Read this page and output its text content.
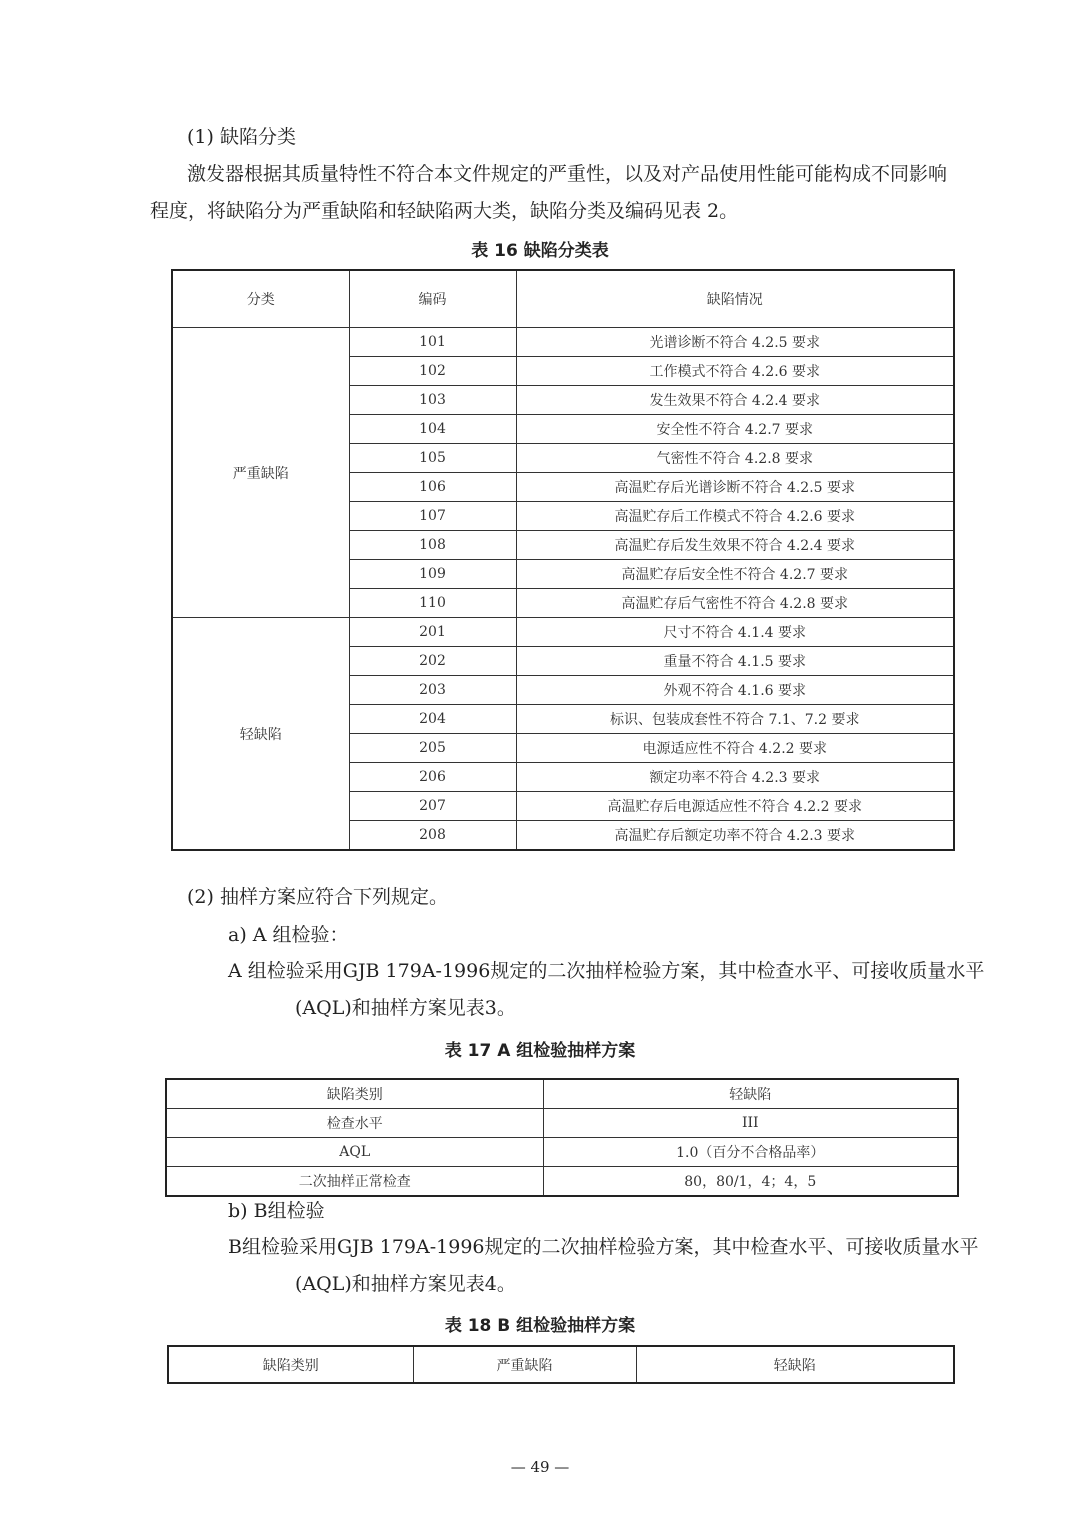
(1) 缺陷分类
激发器根据其质量特性不符合本文件规定的严重性，以及对产品使用性能可能构成不同影响
程度，将缺陷分为严重缺陷和轻缺陷两大类，缺陷分类及编码见表 2。
表 16 缺陷分类表
分类	编码	缺陷情况
严重缺陷	101	光谱诊断不符合 4.2.5 要求
	102	工作模式不符合 4.2.6 要求
	103	发生效果不符合 4.2.4 要求
	104	安全性不符合 4.2.7 要求
	105	气密性不符合 4.2.8 要求
	106	高温贮存后光谱诊断不符合 4.2.5 要求
	107	高温贮存后工作模式不符合 4.2.6 要求
	108	高温贮存后发生效果不符合 4.2.4 要求
	109	高温贮存后安全性不符合 4.2.7 要求
	110	高温贮存后气密性不符合 4.2.8 要求
轻缺陷	201	尺寸不符合 4.1.4 要求
	202	重量不符合 4.1.5 要求
	203	外观不符合 4.1.6 要求
	204	标识、包装成套性不符合 7.1、7.2 要求
	205	电源适应性不符合 4.2.2 要求
	206	额定功率不符合 4.2.3 要求
	207	高温贮存后电源适应性不符合 4.2.2 要求
	208	高温贮存后额定功率不符合 4.2.3 要求
(2) 抽样方案应符合下列规定。
a) A 组检验：
A 组检验采用GJB 179A-1996规定的二次抽样检验方案，其中检查水平、可接收质量水平
(AQL)和抽样方案见表3。
表 17 A 组检验抽样方案
缺陷类别	轻缺陷
检查水平	III
AQL	1.0（百分不合格品率）
二次抽样正常检查	80，80/1，4；4，5
b) B组检验
B组检验采用GJB 179A-1996规定的二次抽样检验方案，其中检查水平、可接收质量水平
(AQL)和抽样方案见表4。
表 18 B 组检验抽样方案
缺陷类别	严重缺陷	轻缺陷
— 49 —
